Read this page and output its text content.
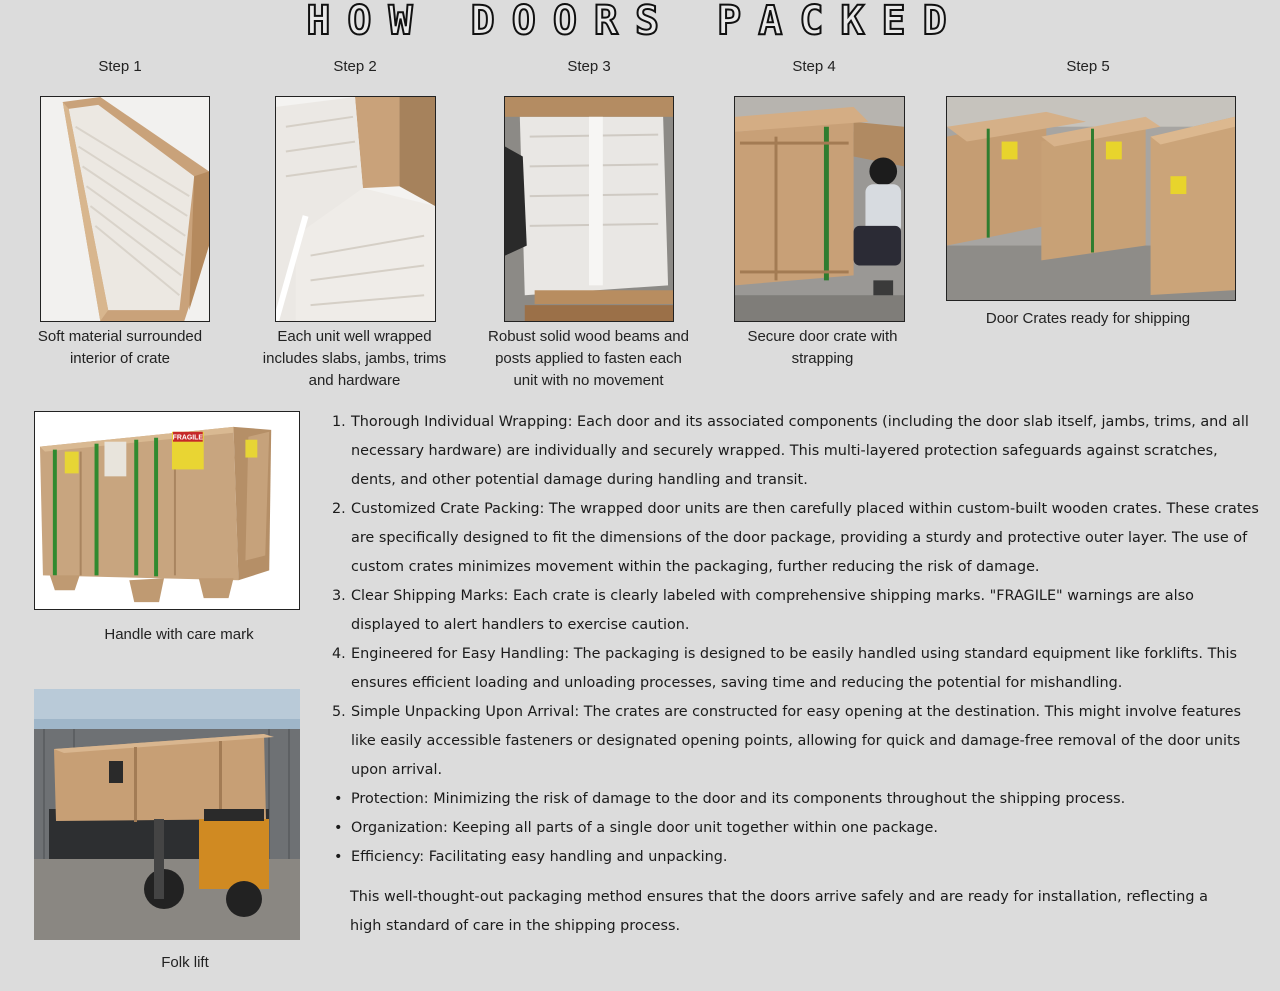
HOW DOORS PACKED
Step 1	Step 2	Step 3	Step 4	Step 5
Soft material surrounded interior of crate
Each unit well wrapped includes slabs, jambs, trims and hardware
Robust solid wood beams and posts applied to fasten each unit with no movement
Secure door crate with strapping
Door Crates ready for shipping
FRAGILE
Handle with care mark
Folk lift
1. Thorough Individual Wrapping: Each door and its associated components (including the door slab itself, jambs, trims, and all necessary hardware) are individually and securely wrapped. This multi-layered protection safeguards against scratches, dents, and other potential damage during handling and transit.
2. Customized Crate Packing: The wrapped door units are then carefully placed within custom-built wooden crates. These crates are specifically designed to fit the dimensions of the door package, providing a sturdy and protective outer layer. The use of custom crates minimizes movement within the packaging, further reducing the risk of damage.
3. Clear Shipping Marks: Each crate is clearly labeled with comprehensive shipping marks. "FRAGILE" warnings are also displayed to alert handlers to exercise caution.
4. Engineered for Easy Handling: The packaging is designed to be easily handled using standard equipment like forklifts. This ensures efficient loading and unloading processes, saving time and reducing the potential for mishandling.
5. Simple Unpacking Upon Arrival: The crates are constructed for easy opening at the destination. This might involve features like easily accessible fasteners or designated opening points, allowing for quick and damage-free removal of the door units upon arrival.
• Protection: Minimizing the risk of damage to the door and its components throughout the shipping process.
• Organization: Keeping all parts of a single door unit together within one package.
• Efficiency: Facilitating easy handling and unpacking.

This well-thought-out packaging method ensures that the doors arrive safely and are ready for installation, reflecting a high standard of care in the shipping process.
